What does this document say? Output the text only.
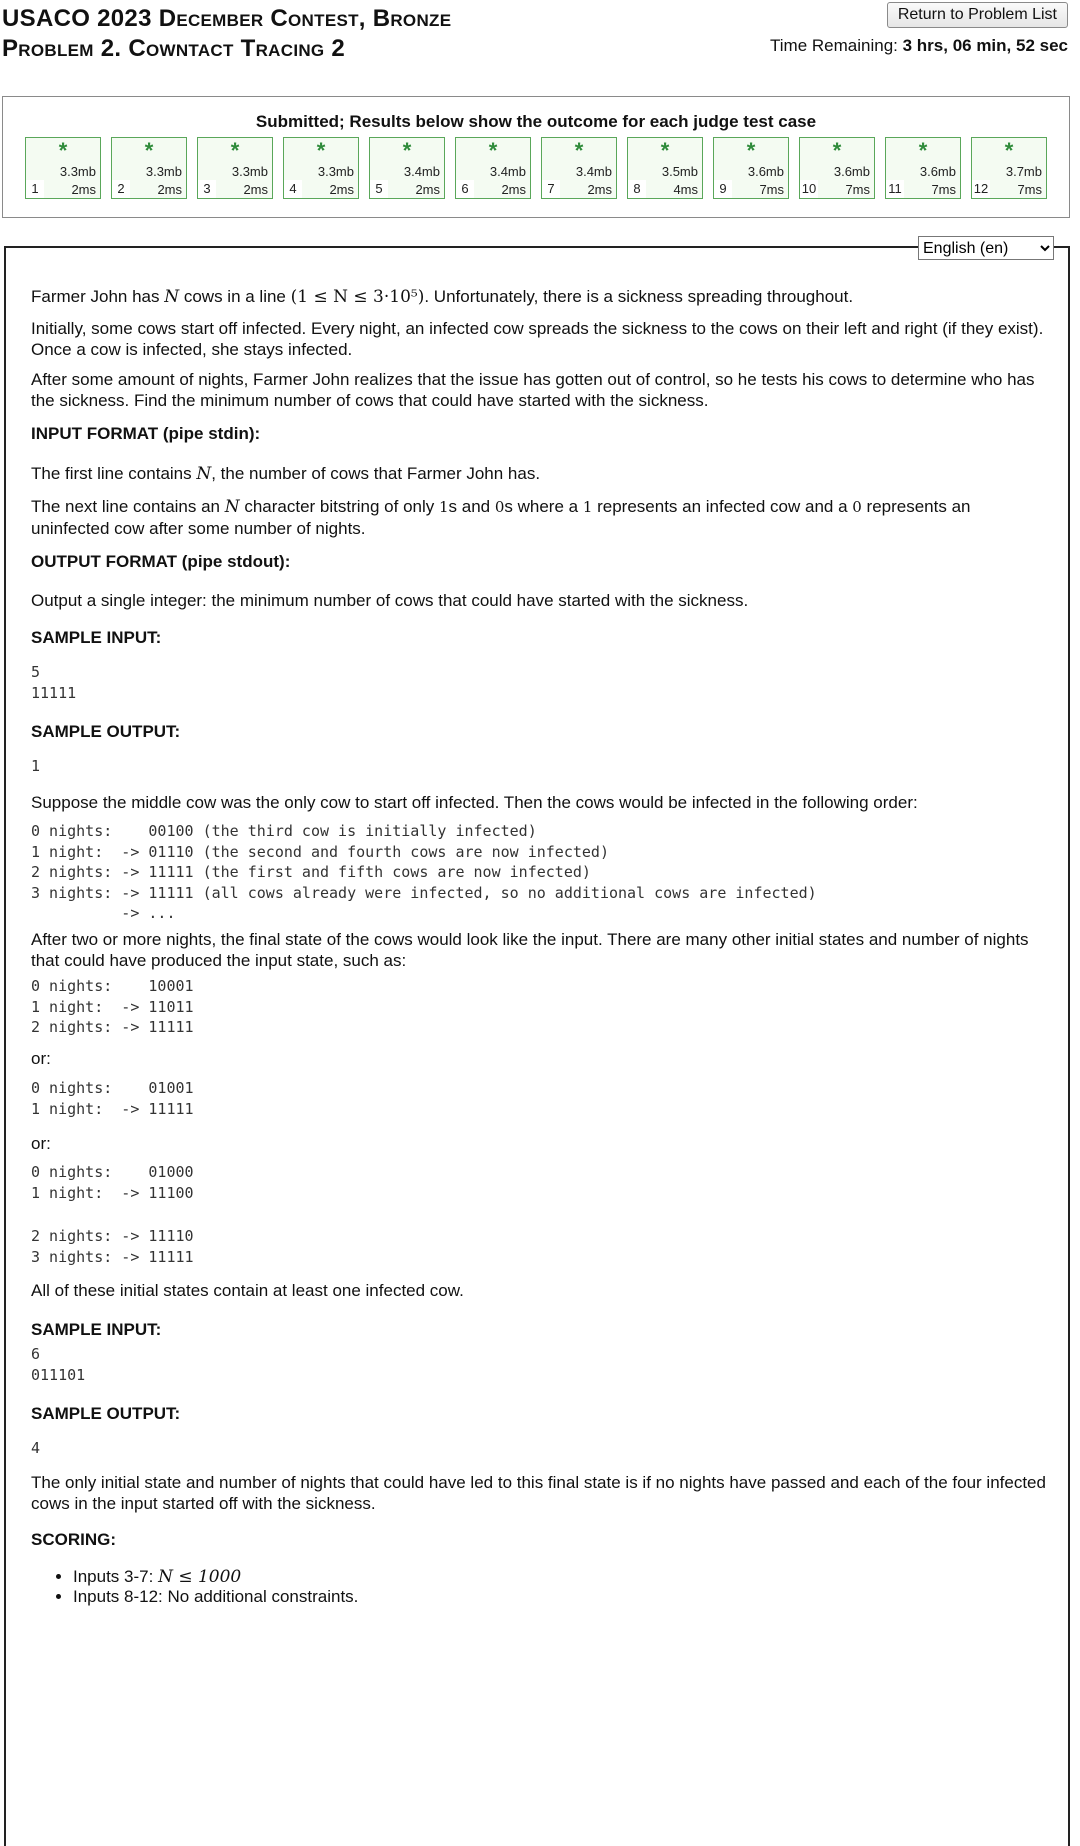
USACO 2023 December Contest, Bronze
Problem 2. Cowntact Tracing 2
Return to Problem List
Time Remaining: 3 hrs, 06 min, 52 sec
Submitted; Results below show the outcome for each judge test case
*
3.3mb
1	2ms
*
3.3mb
2	2ms
*
3.3mb
3	2ms
*
3.3mb
4	2ms
*
3.4mb
5	2ms
*
3.4mb
6	2ms
*
3.4mb
7	2ms
*
3.5mb
8	4ms
*
3.6mb
9	7ms
*
3.6mb
10 7ms
*
3.6mb
11 7ms
*
3.7mb
12 7ms
English (en)

Farmer John has N cows in a line (1 ≤ N ≤ 3·10⁵). Unfortunately, there is a sickness spreading throughout.

Initially, some cows start off infected. Every night, an infected cow spreads the sickness to the cows on their left and right (if they exist). Once a cow is infected, she stays infected.

After some amount of nights, Farmer John realizes that the issue has gotten out of control, so he tests his cows to determine who has the sickness. Find the minimum number of cows that could have started with the sickness.

INPUT FORMAT (pipe stdin):

The first line contains N, the number of cows that Farmer John has.

The next line contains an N character bitstring of only 1s and 0s where a 1 represents an infected cow and a 0 represents an uninfected cow after some number of nights.

OUTPUT FORMAT (pipe stdout):

Output a single integer: the minimum number of cows that could have started with the sickness.

SAMPLE INPUT:
5
11111
SAMPLE OUTPUT:
1

Suppose the middle cow was the only cow to start off infected. Then the cows would be infected in the following order:

0 nights:    00100 (the third cow is initially infected)
1 night:  -> 01110 (the second and fourth cows are now infected)
2 nights: -> 11111 (the first and fifth cows are now infected)
3 nights: -> 11111 (all cows already were infected, so no additional cows are infected)
-> ...

After two or more nights, the final state of the cows would look like the input. There are many other initial states and number of nights that could have produced the input state, such as:

0 nights:    10001
1 night:  -> 11011
2 nights: -> 11111

or:

0 nights:    01001
1 night:  -> 11111

or:

0 nights:    01000
1 night:  -> 11100
2 nights: -> 11110
3 nights: -> 11111

All of these initial states contain at least one infected cow.

SAMPLE INPUT:
6
011101
SAMPLE OUTPUT:
4

The only initial state and number of nights that could have led to this final state is if no nights have passed and each of the four infected cows in the input started off with the sickness.

SCORING:
• Inputs 3-7: N ≤ 1000
• Inputs 8-12: No additional constraints.
